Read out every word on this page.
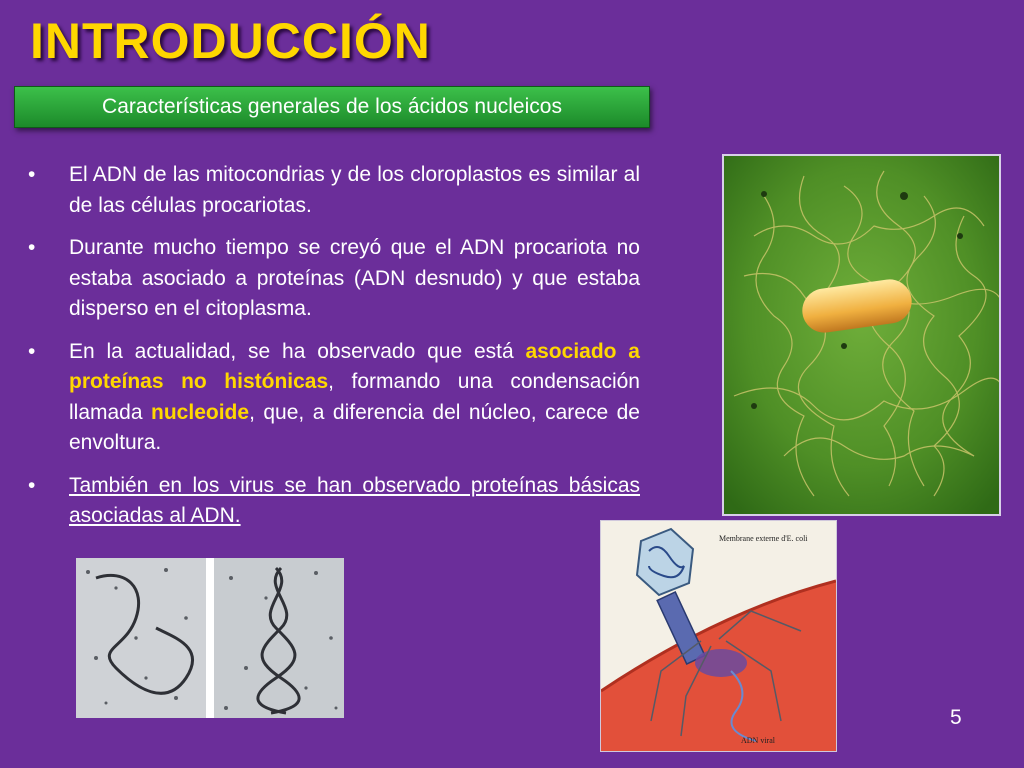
INTRODUCCIÓN
Características generales de los ácidos nucleicos
• El ADN de las mitocondrias y de los cloroplastos es similar al de las células procariotas.
• Durante mucho tiempo se creyó que el ADN procariota no estaba asociado a proteínas (ADN desnudo) y que estaba disperso en el citoplasma.
• En la actualidad, se ha observado que está asociado a proteínas no histónicas, formando una condensación llamada nucleoide, que, a diferencia del núcleo, carece de envoltura.
• También en los virus se han observado proteínas básicas asociadas al ADN.
Membrane externe d'E. coli
ADN viral
5
